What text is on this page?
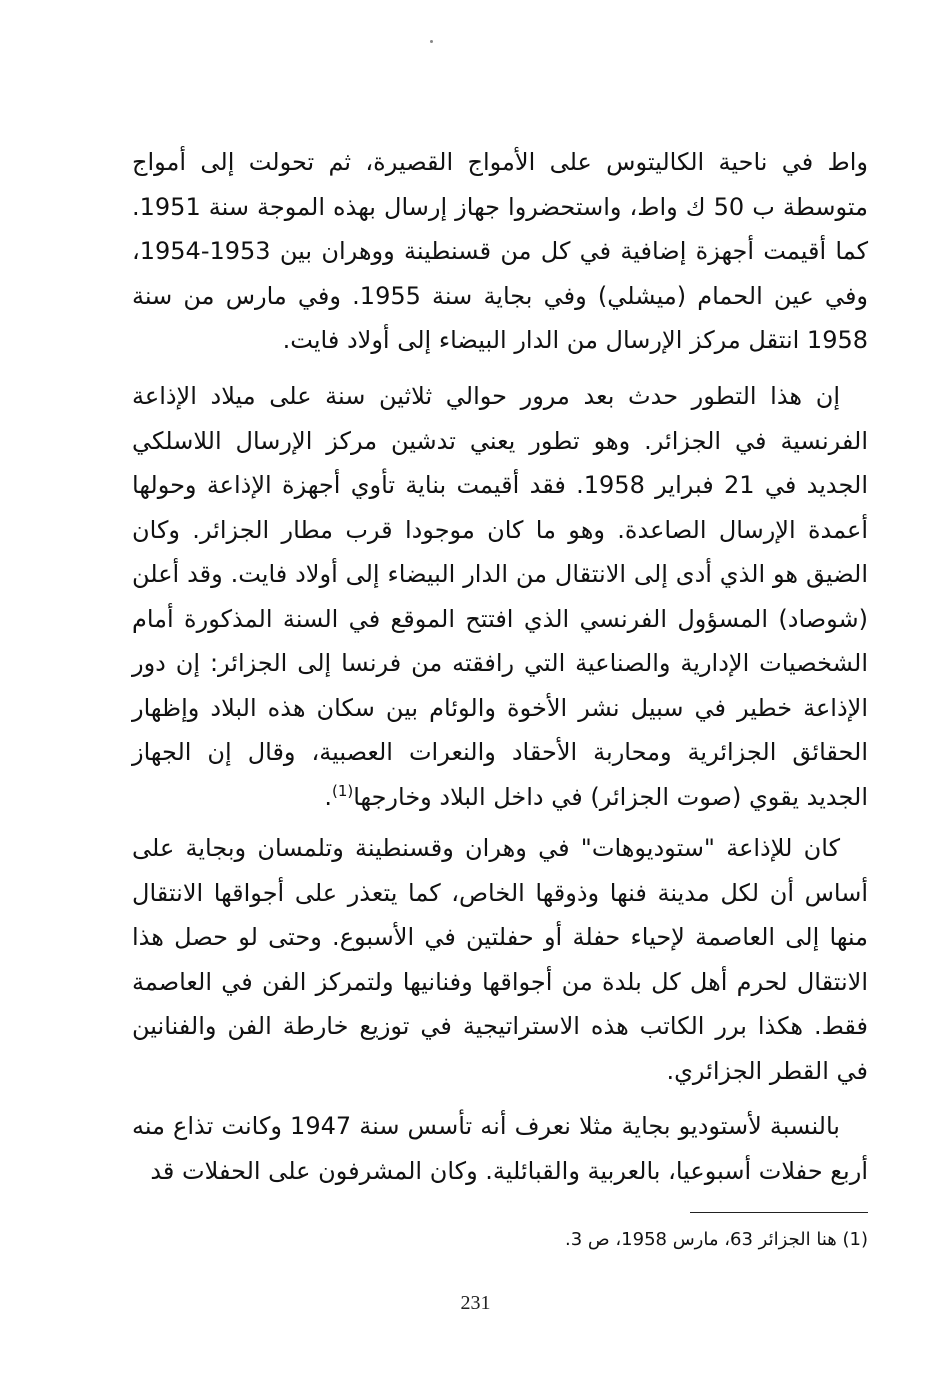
واط في ناحية الكاليتوس على الأمواج القصيرة، ثم تحولت إلى أمواج متوسطة ب 50 ك واط، واستحضروا جهاز إرسال بهذه الموجة سنة 1951. كما أقيمت أجهزة إضافية في كل من قسنطينة ووهران بين 1953-1954، وفي عين الحمام (ميشلي) وفي بجاية سنة 1955. وفي مارس من سنة 1958 انتقل مركز الإرسال من الدار البيضاء إلى أولاد فايت.

إن هذا التطور حدث بعد مرور حوالي ثلاثين سنة على ميلاد الإذاعة الفرنسية في الجزائر. وهو تطور يعني تدشين مركز الإرسال اللاسلكي الجديد في 21 فبراير 1958. فقد أقيمت بناية تأوي أجهزة الإذاعة وحولها أعمدة الإرسال الصاعدة. وهو ما كان موجودا قرب مطار الجزائر. وكان الضيق هو الذي أدى إلى الانتقال من الدار البيضاء إلى أولاد فايت. وقد أعلن (شوصاد) المسؤول الفرنسي الذي افتتح الموقع في السنة المذكورة أمام الشخصيات الإدارية والصناعية التي رافقته من فرنسا إلى الجزائر: إن دور الإذاعة خطير في سبيل نشر الأخوة والوئام بين سكان هذه البلاد وإظهار الحقائق الجزائرية ومحاربة الأحقاد والنعرات العصبية، وقال إن الجهاز الجديد يقوي (صوت الجزائر) في داخل البلاد وخارجها$^{(1)}$.

كان للإذاعة "ستوديوهات" في وهران وقسنطينة وتلمسان وبجاية على أساس أن لكل مدينة فنها وذوقها الخاص، كما يتعذر على أجواقها الانتقال منها إلى العاصمة لإحياء حفلة أو حفلتين في الأسبوع. وحتى لو حصل هذا الانتقال لحرم أهل كل بلدة من أجواقها وفنانيها ولتمركز الفن في العاصمة فقط. هكذا برر الكاتب هذه الاستراتيجية في توزيع خارطة الفن والفنانين في القطر الجزائري.

بالنسبة لأستوديو بجاية مثلا نعرف أنه تأسس سنة 1947 وكانت تذاع منه أربع حفلات أسبوعيا، بالعربية والقبائلية. وكان المشرفون على الحفلات قد

(1) هنا الجزائر 63، مارس 1958، ص 3.

231
